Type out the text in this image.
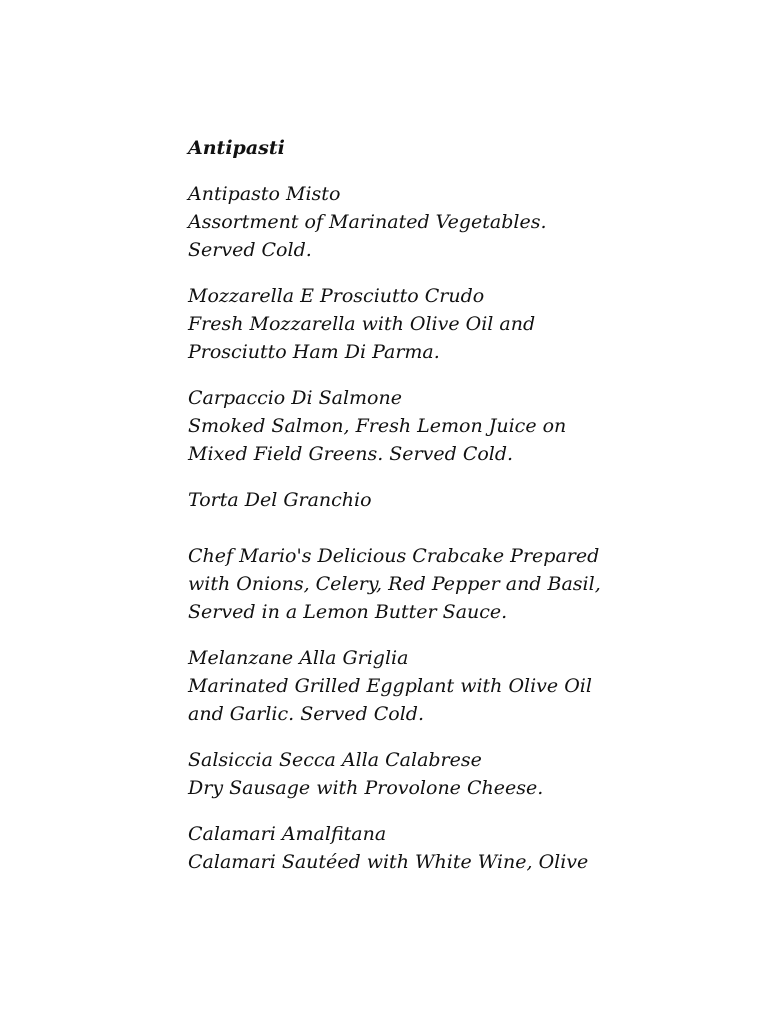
Antipasti
Antipasto Misto
Assortment of Marinated Vegetables.
Served Cold.
Mozzarella E Prosciutto Crudo
Fresh Mozzarella with Olive Oil and
Prosciutto Ham Di Parma.
Carpaccio Di Salmone
Smoked Salmon, Fresh Lemon Juice on
Mixed Field Greens. Served Cold.
Torta Del Granchio
Chef Mario's Delicious Crabcake Prepared
with Onions, Celery, Red Pepper and Basil,
Served in a Lemon Butter Sauce.
Melanzane Alla Griglia
Marinated Grilled Eggplant with Olive Oil
and Garlic. Served Cold.
Salsiccia Secca Alla Calabrese
Dry Sausage with Provolone Cheese.
Calamari Amalfitana
Calamari Sautéed with White Wine, Olive
